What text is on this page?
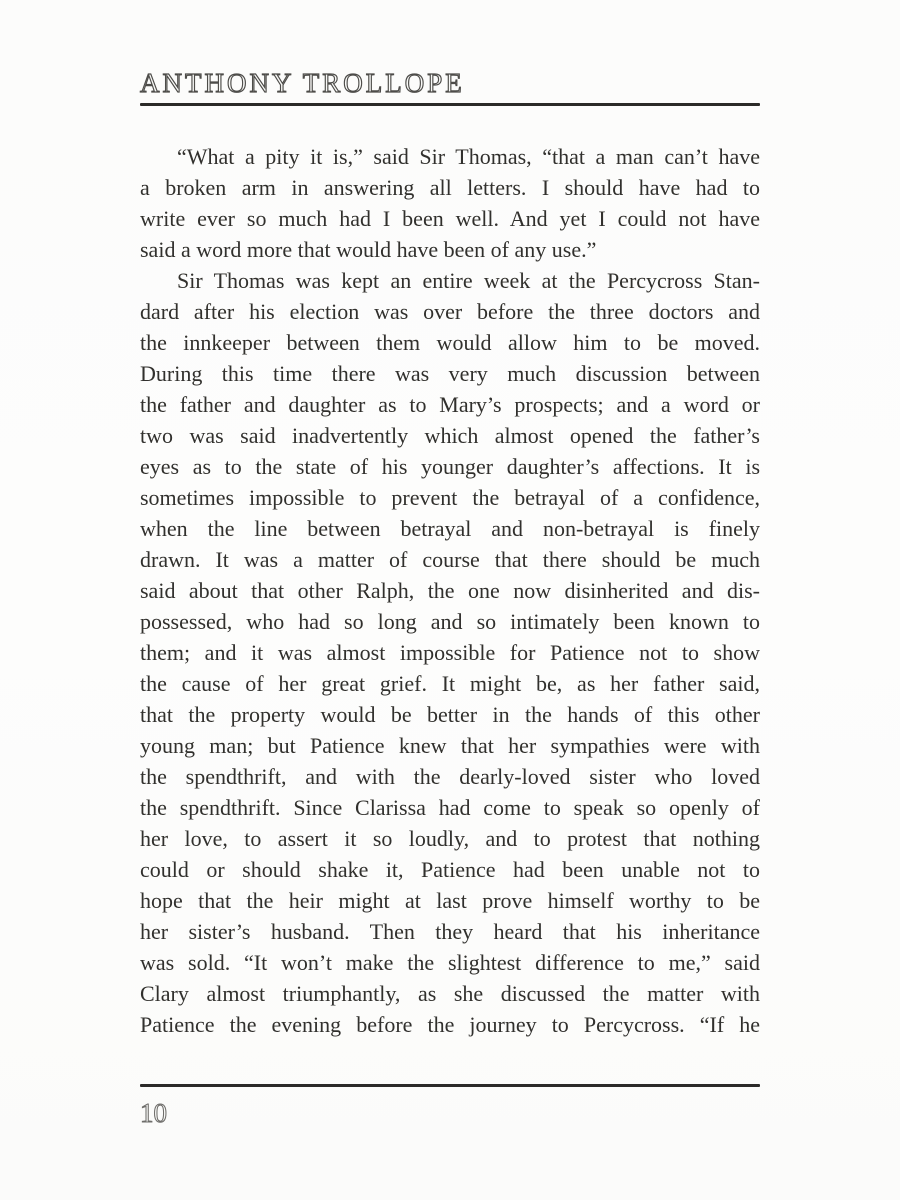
ANTHONY TROLLOPE
“What a pity it is,” said Sir Thomas, “that a man can’t have
a broken arm in answering all letters. I should have had to
write ever so much had I been well. And yet I could not have
said a word more that would have been of any use.”
Sir Thomas was kept an entire week at the Percycross Stan-
dard after his election was over before the three doctors and
the innkeeper between them would allow him to be moved.
During this time there was very much discussion between
the father and daughter as to Mary’s prospects; and a word or
two was said inadvertently which almost opened the father’s
eyes as to the state of his younger daughter’s affections. It is
sometimes impossible to prevent the betrayal of a confidence,
when the line between betrayal and non-betrayal is finely
drawn. It was a matter of course that there should be much
said about that other Ralph, the one now disinherited and dis-
possessed, who had so long and so intimately been known to
them; and it was almost impossible for Patience not to show
the cause of her great grief. It might be, as her father said,
that the property would be better in the hands of this other
young man; but Patience knew that her sympathies were with
the spendthrift, and with the dearly-loved sister who loved
the spendthrift. Since Clarissa had come to speak so openly of
her love, to assert it so loudly, and to protest that nothing
could or should shake it, Patience had been unable not to
hope that the heir might at last prove himself worthy to be
her sister’s husband. Then they heard that his inheritance
was sold. “It won’t make the slightest difference to me,” said
Clary almost triumphantly, as she discussed the matter with
Patience the evening before the journey to Percycross. “If he
10
